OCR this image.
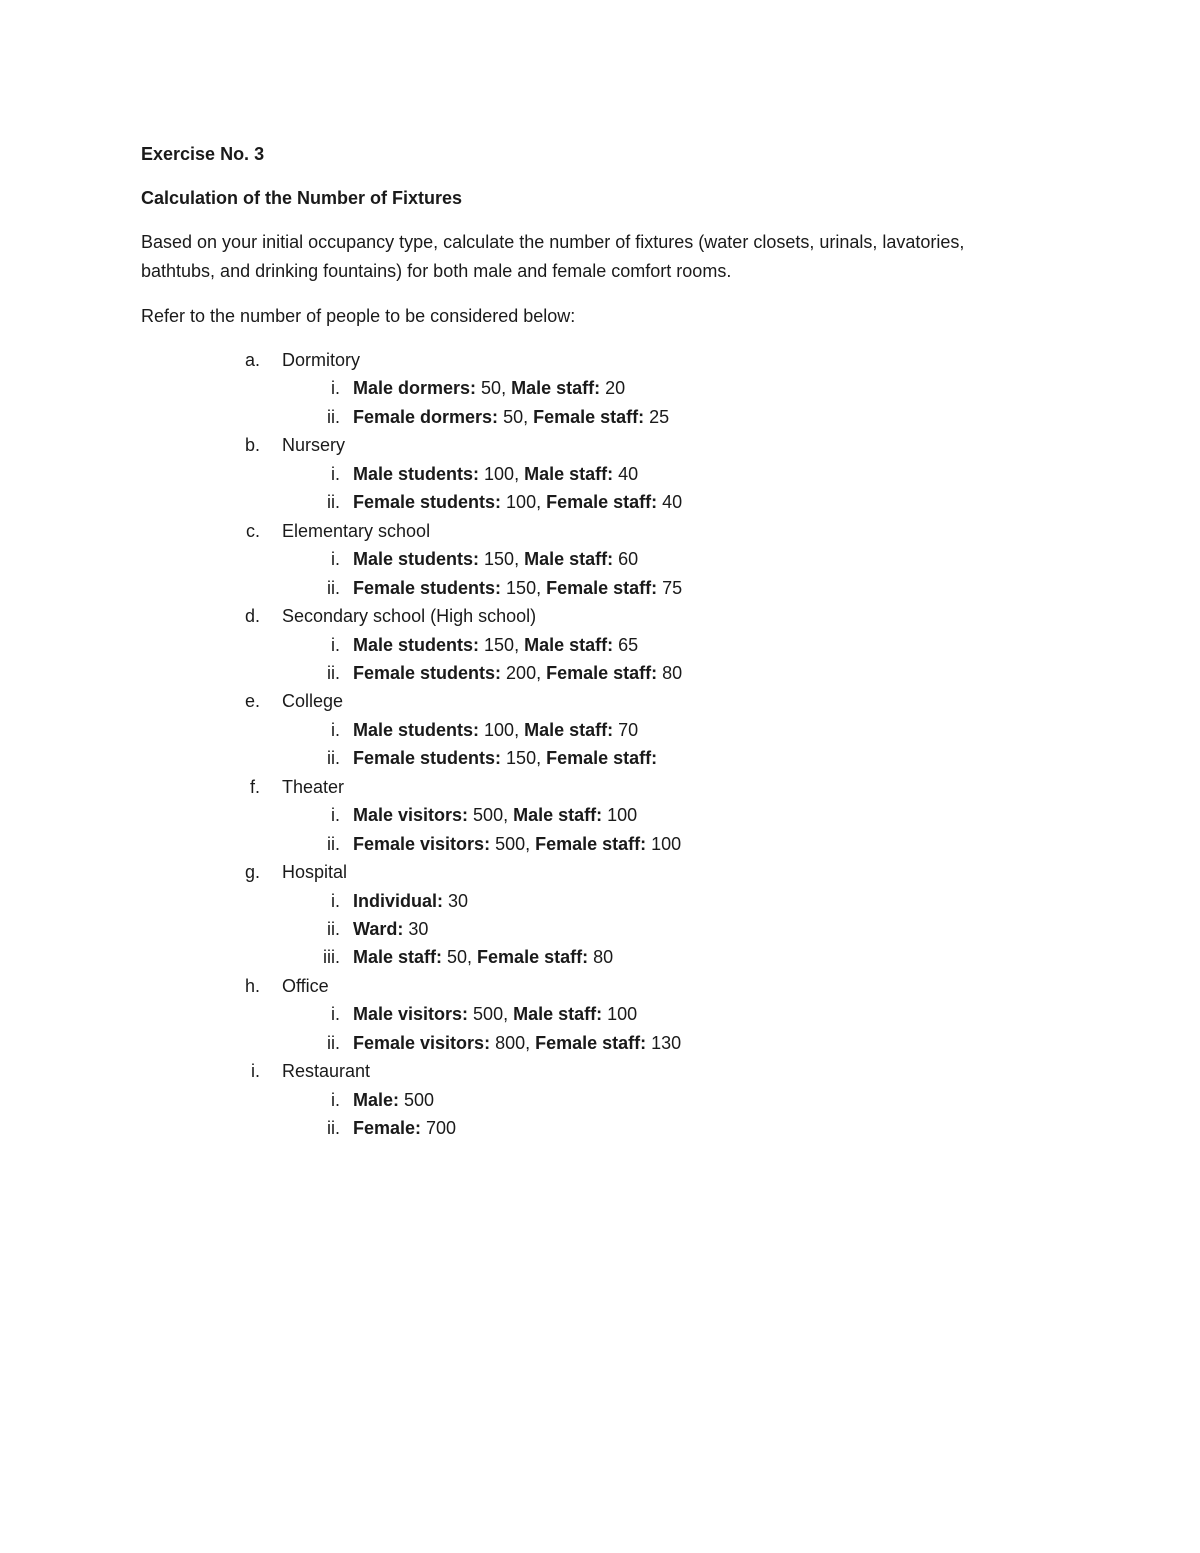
Exercise No. 3
Calculation of the Number of Fixtures
Based on your initial occupancy type, calculate the number of fixtures (water closets, urinals, lavatories,
bathtubs, and drinking fountains) for both male and female comfort rooms.
Refer to the number of people to be considered below:
a. Dormitory
i. Male dormers: 50, Male staff: 20
ii. Female dormers: 50, Female staff: 25
b. Nursery
i. Male students: 100, Male staff: 40
ii. Female students: 100, Female staff: 40
c. Elementary school
i. Male students: 150, Male staff: 60
ii. Female students: 150, Female staff: 75
d. Secondary school (High school)
i. Male students: 150, Male staff: 65
ii. Female students: 200, Female staff: 80
e. College
i. Male students: 100, Male staff: 70
ii. Female students: 150, Female staff:
f. Theater
i. Male visitors: 500, Male staff: 100
ii. Female visitors: 500, Female staff: 100
g. Hospital
i. Individual: 30
ii. Ward: 30
iii. Male staff: 50, Female staff: 80
h. Office
i. Male visitors: 500, Male staff: 100
ii. Female visitors: 800, Female staff: 130
i. Restaurant
i. Male: 500
ii. Female: 700
